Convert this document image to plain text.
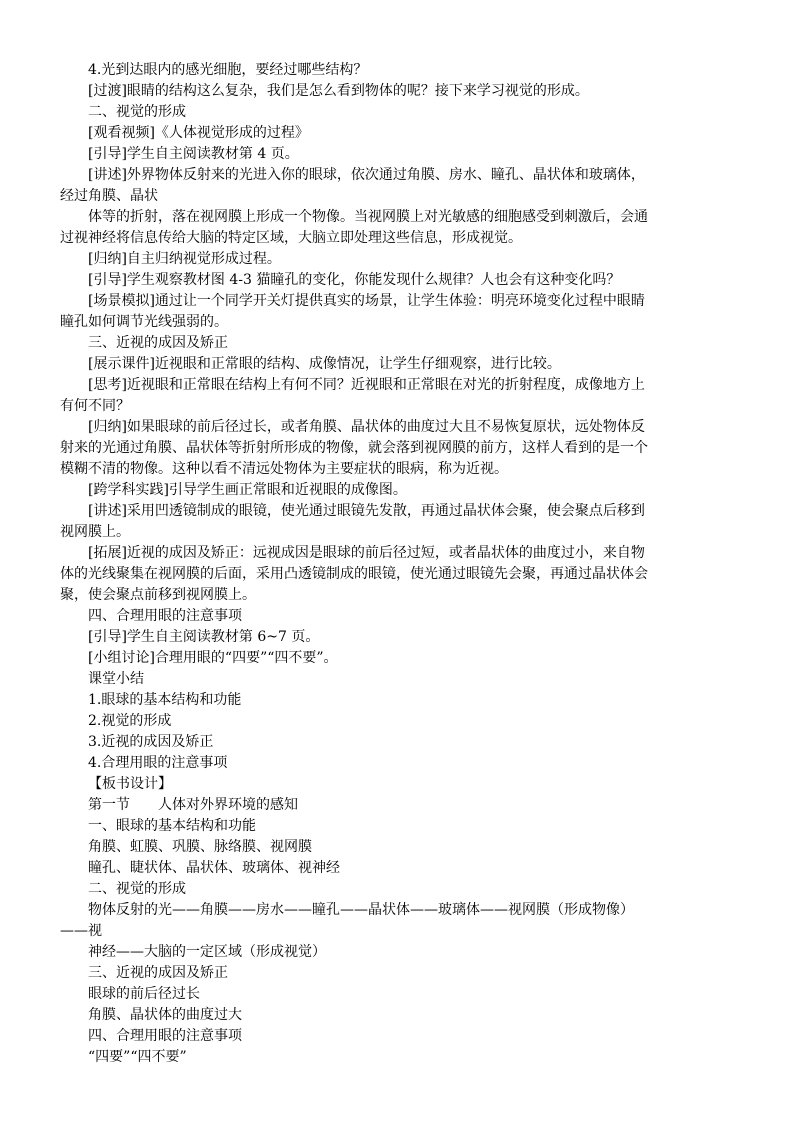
4.光到达眼内的感光细胞，要经过哪些结构？
[过渡]眼睛的结构这么复杂，我们是怎么看到物体的呢？接下来学习视觉的形成。
二、视觉的形成
[观看视频]《人体视觉形成的过程》
[引导]学生自主阅读教材第 4 页。
[讲述]外界物体反射来的光进入你的眼球，依次通过角膜、房水、瞳孔、晶状体和玻璃体，
经过角膜、晶状
体等的折射，落在视网膜上形成一个物像。当视网膜上对光敏感的细胞感受到刺激后，会通
过视神经将信息传给大脑的特定区域，大脑立即处理这些信息，形成视觉。
[归纳]自主归纳视觉形成过程。
[引导]学生观察教材图 4-3 猫瞳孔的变化，你能发现什么规律？人也会有这种变化吗？
[场景模拟]通过让一个同学开关灯提供真实的场景，让学生体验：明亮环境变化过程中眼睛
瞳孔如何调节光线强弱的。
三、近视的成因及矫正
[展示课件]近视眼和正常眼的结构、成像情况，让学生仔细观察，进行比较。
[思考]近视眼和正常眼在结构上有何不同？近视眼和正常眼在对光的折射程度，成像地方上
有何不同？
[归纳]如果眼球的前后径过长，或者角膜、晶状体的曲度过大且不易恢复原状，远处物体反
射来的光通过角膜、晶状体等折射所形成的物像，就会落到视网膜的前方，这样人看到的是一个
模糊不清的物像。这种以看不清远处物体为主要症状的眼病，称为近视。
[跨学科实践]引导学生画正常眼和近视眼的成像图。
[讲述]采用凹透镜制成的眼镜，使光通过眼镜先发散，再通过晶状体会聚，使会聚点后移到
视网膜上。
[拓展]近视的成因及矫正：远视成因是眼球的前后径过短，或者晶状体的曲度过小，来自物
体的光线聚集在视网膜的后面，采用凸透镜制成的眼镜，使光通过眼镜先会聚，再通过晶状体会
聚，使会聚点前移到视网膜上。
四、合理用眼的注意事项
[引导]学生自主阅读教材第 6~7 页。
[小组讨论]合理用眼的“四要”“四不要”。
课堂小结
1.眼球的基本结构和功能
2.视觉的形成
3.近视的成因及矫正
4.合理用眼的注意事项
【板书设计】
第一节　　人体对外界环境的感知
一、眼球的基本结构和功能
角膜、虹膜、巩膜、脉络膜、视网膜
瞳孔、睫状体、晶状体、玻璃体、视神经
二、视觉的形成
物体反射的光——角膜——房水——瞳孔——晶状体——玻璃体——视网膜（形成物像）
——视
神经——大脑的一定区域（形成视觉）
三、近视的成因及矫正
眼球的前后径过长
角膜、晶状体的曲度过大
四、合理用眼的注意事项
“四要”“四不要”
